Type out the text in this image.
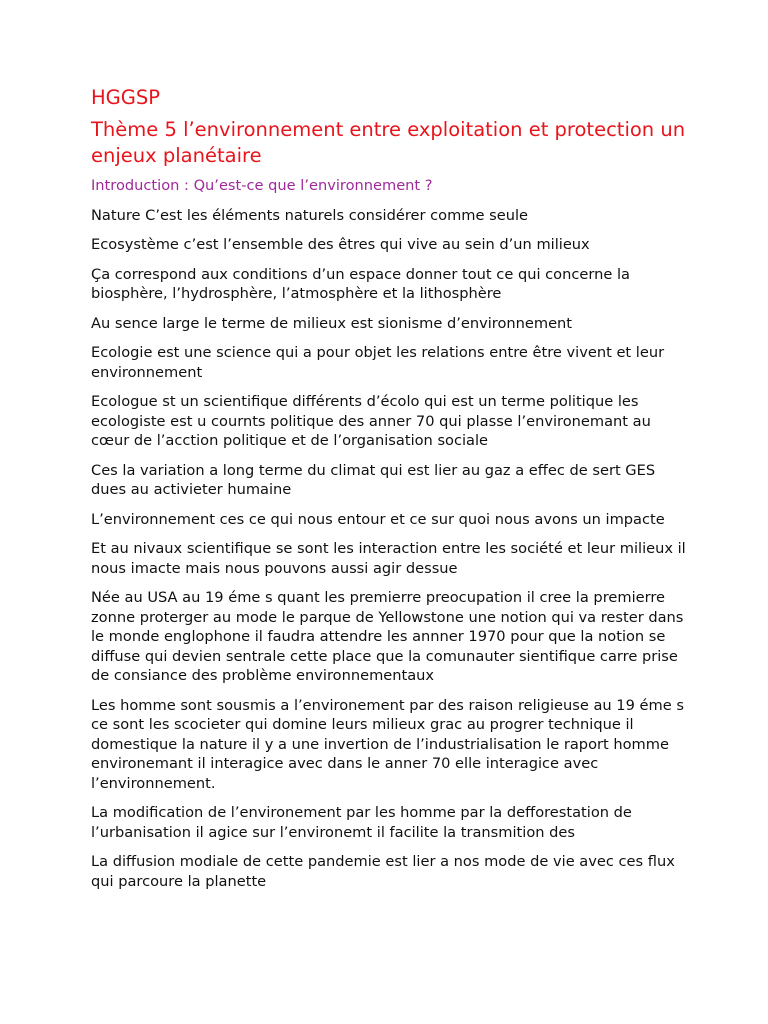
HGGSP
Thème 5 l’environnement entre exploitation et protection un enjeux planétaire
Introduction : Qu’est-ce que l’environnement ?

Nature C’est les éléments naturels considérer comme seule

Ecosystème c’est l’ensemble des êtres qui vive au sein d’un milieux

Ça correspond aux conditions d’un espace donner tout ce qui concerne la biosphère, l’hydrosphère, l’atmosphère et la lithosphère

Au sence large le terme de milieux est sionisme d’environnement

Ecologie est une science qui a pour objet les relations entre être vivent et leur environnement

Ecologue st un scientifique différents d’écolo qui est un terme politique les ecologiste est u cournts politique des anner 70 qui plasse l’environemant au cœur de l’acction politique et de l’organisation sociale

Ces la variation a long terme du climat qui est lier au gaz a effec de sert GES dues au activieter humaine

L’environnement ces ce qui nous entour et ce sur quoi nous avons un impacte

Et au nivaux scientifique se sont les interaction entre les société et leur milieux il nous imacte mais nous pouvons aussi agir dessue

Née au USA au 19 éme s quant les premierre preocupation il cree la premierre zonne proterger au mode le parque de Yellowstone une notion qui va rester dans le monde englophone il faudra attendre les annner 1970 pour que la notion se diffuse qui devien sentrale cette place que la comunauter sientifique carre prise de consiance des problème environnementaux

Les homme sont sousmis a l’environement par des raison religieuse au 19 éme s ce sont les scocieter qui domine leurs milieux grac au progrer technique il domestique la nature il y a une invertion de l’industrialisation le raport homme environemant il interagice avec dans le anner 70 elle interagice avec l’environnement.

La modification de l’environement par les homme par la defforestation de l’urbanisation il agice sur l’environemt il facilite la transmition des

La diffusion modiale de cette pandemie est lier a nos mode de vie avec ces flux qui parcoure la planette
